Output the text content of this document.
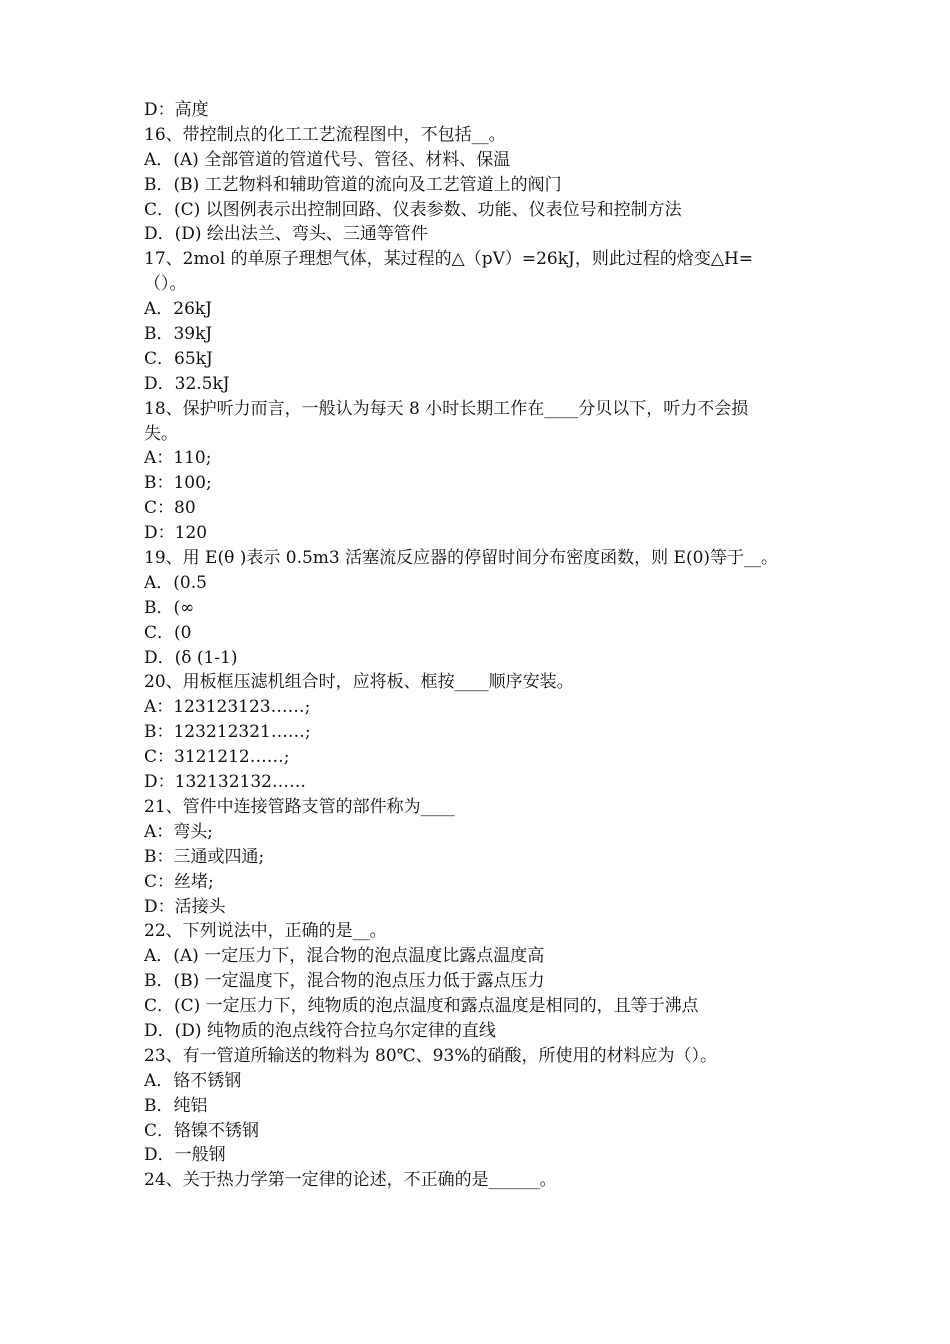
D：高度
16、带控制点的化工工艺流程图中，不包括__。
A．(A) 全部管道的管道代号、管径、材料、保温
B．(B) 工艺物料和辅助管道的流向及工艺管道上的阀门
C．(C) 以图例表示出控制回路、仪表参数、功能、仪表位号和控制方法
D．(D) 绘出法兰、弯头、三通等管件
17、2mol 的单原子理想气体，某过程的△（pV）=26kJ，则此过程的焓变△H=
（）。
A．26kJ
B．39kJ
C．65kJ
D．32.5kJ
18、保护听力而言，一般认为每天 8 小时长期工作在____分贝以下，听力不会损
失。
A：110;
B：100;
C：80
D：120
19、用 E(θ )表示 0.5m3 活塞流反应器的停留时间分布密度函数，则 E(0)等于__。
A．(0.5
B．(∞
C．(0
D．(δ (1-1)
20、用板框压滤机组合时，应将板、框按____顺序安装。
A：123123123……;
B：123212321……;
C：3121212……;
D：132132132……
21、管件中连接管路支管的部件称为____
A：弯头;
B：三通或四通;
C：丝堵;
D：活接头
22、下列说法中，正确的是__。
A．(A) 一定压力下，混合物的泡点温度比露点温度高
B．(B) 一定温度下，混合物的泡点压力低于露点压力
C．(C) 一定压力下，纯物质的泡点温度和露点温度是相同的，且等于沸点
D．(D) 纯物质的泡点线符合拉乌尔定律的直线
23、有一管道所输送的物料为 80℃、93%的硝酸，所使用的材料应为（）。
A．铬不锈钢
B．纯铝
C．铬镍不锈钢
D．一般钢
24、关于热力学第一定律的论述，不正确的是______。
